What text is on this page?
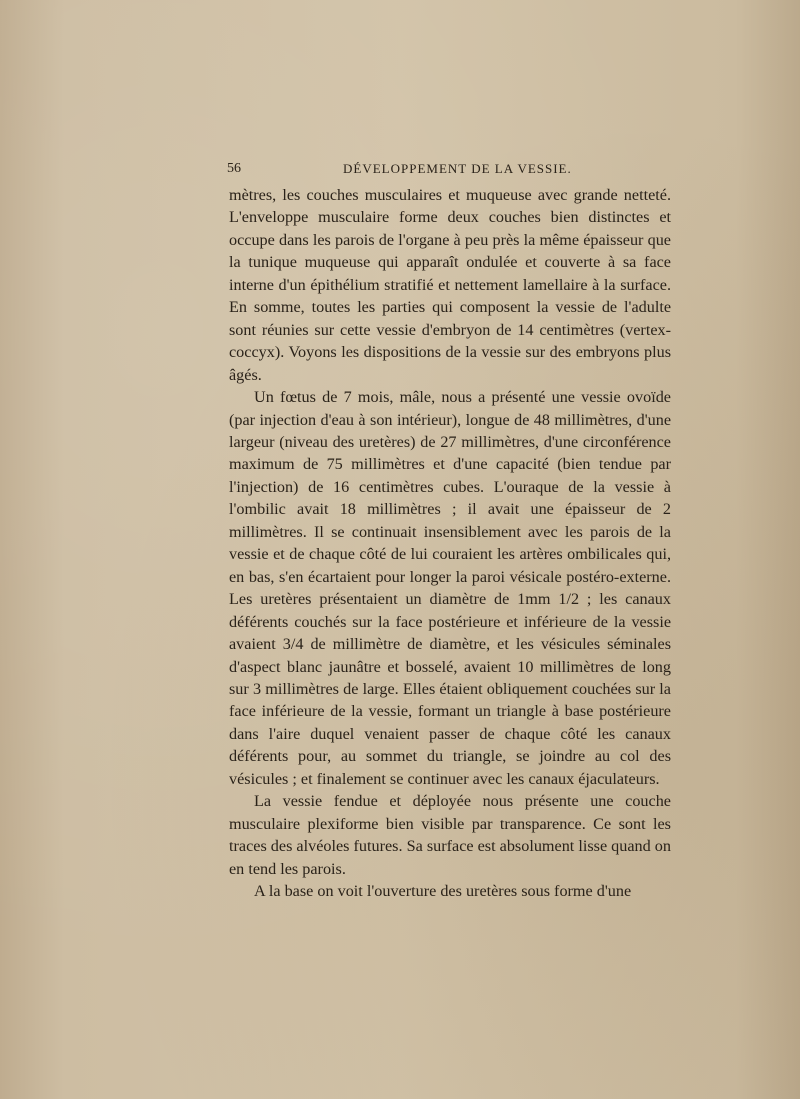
56	DÉVELOPPEMENT DE LA VESSIE.

mètres, les couches musculaires et muqueuse avec grande netteté. L'enveloppe musculaire forme deux couches bien distinctes et occupe dans les parois de l'organe à peu près la même épaisseur que la tunique muqueuse qui apparaît ondulée et couverte à sa face interne d'un épithélium stratifié et nettement lamellaire à la surface. En somme, toutes les parties qui composent la vessie de l'adulte sont réunies sur cette vessie d'embryon de 14 centimètres (vertex-coccyx). Voyons les dispositions de la vessie sur des embryons plus âgés.

Un fœtus de 7 mois, mâle, nous a présenté une vessie ovoïde (par injection d'eau à son intérieur), longue de 48 millimètres, d'une largeur (niveau des uretères) de 27 millimètres, d'une circonférence maximum de 75 millimètres et d'une capacité (bien tendue par l'injection) de 16 centimètres cubes. L'ouraque de la vessie à l'ombilic avait 18 millimètres ; il avait une épaisseur de 2 millimètres. Il se continuait insensiblement avec les parois de la vessie et de chaque côté de lui couraient les artères ombilicales qui, en bas, s'en écartaient pour longer la paroi vésicale postéro-externe. Les uretères présentaient un diamètre de 1mm 1/2 ; les canaux déférents couchés sur la face postérieure et inférieure de la vessie avaient 3/4 de millimètre de diamètre, et les vésicules séminales d'aspect blanc jaunâtre et bosselé, avaient 10 millimètres de long sur 3 millimètres de large. Elles étaient obliquement couchées sur la face inférieure de la vessie, formant un triangle à base postérieure dans l'aire duquel venaient passer de chaque côté les canaux déférents pour, au sommet du triangle, se joindre au col des vésicules ; et finalement se continuer avec les canaux éjaculateurs.

La vessie fendue et déployée nous présente une couche musculaire plexiforme bien visible par transparence. Ce sont les traces des alvéoles futures. Sa surface est absolument lisse quand on en tend les parois.

A la base on voit l'ouverture des uretères sous forme d'une
